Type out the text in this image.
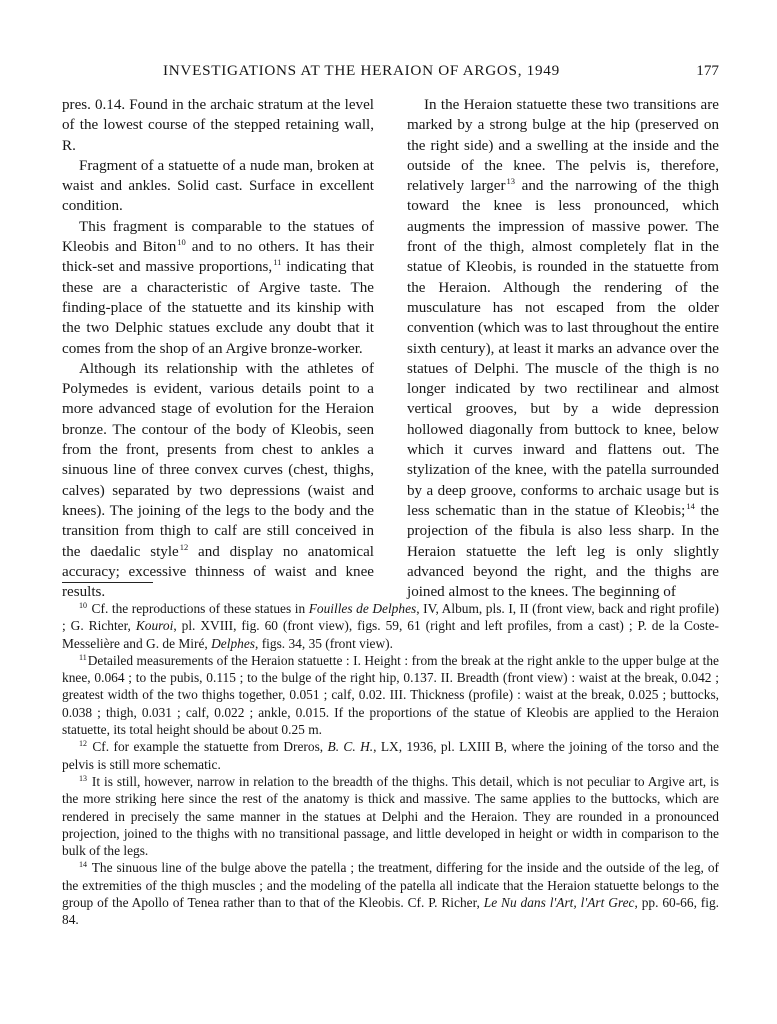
INVESTIGATIONS AT THE HERAION OF ARGOS, 1949	177

pres. 0.14. Found in the archaic stratum at the level of the lowest course of the stepped retaining wall, R.

Fragment of a statuette of a nude man, broken at waist and ankles. Solid cast. Surface in excellent condition.

This fragment is comparable to the statues of Kleobis and Biton$^{10}$ and to no others. It has their thick-set and massive proportions,$^{11}$ indicating that these are a characteristic of Argive taste. The finding-place of the statuette and its kinship with the two Delphic statues exclude any doubt that it comes from the shop of an Argive bronze-worker.

Although its relationship with the athletes of Polymedes is evident, various details point to a more advanced stage of evolution for the Heraion bronze. The contour of the body of Kleobis, seen from the front, presents from chest to ankles a sinuous line of three convex curves (chest, thighs, calves) separated by two depressions (waist and knees). The joining of the legs to the body and the transition from thigh to calf are still conceived in the daedalic style$^{12}$ and display no anatomical accuracy; excessive thinness of waist and knee results.

In the Heraion statuette these two transitions are marked by a strong bulge at the hip (preserved on the right side) and a swelling at the inside and the outside of the knee. The pelvis is, therefore, relatively larger$^{13}$ and the narrowing of the thigh toward the knee is less pronounced, which augments the impression of massive power. The front of the thigh, almost completely flat in the statue of Kleobis, is rounded in the statuette from the Heraion. Although the rendering of the musculature has not escaped from the older convention (which was to last throughout the entire sixth century), at least it marks an advance over the statues of Delphi. The muscle of the thigh is no longer indicated by two rectilinear and almost vertical grooves, but by a wide depression hollowed diagonally from buttock to knee, below which it curves inward and flattens out. The stylization of the knee, with the patella surrounded by a deep groove, conforms to archaic usage but is less schematic than in the statue of Kleobis;$^{14}$ the projection of the fibula is also less sharp. In the Heraion statuette the left leg is only slightly advanced beyond the right, and the thighs are joined almost to the knees. The beginning of

$^{10}$ Cf. the reproductions of these statues in Fouilles de Delphes, IV, Album, pls. I, II (front view, back and right profile) ; G. Richter, Kouroi, pl. XVIII, fig. 60 (front view), figs. 59, 61 (right and left profiles, from a cast) ; P. de la Coste-Messelière and G. de Miré, Delphes, figs. 34, 35 (front view).

$^{11}$Detailed measurements of the Heraion statuette : I. Height : from the break at the right ankle to the upper bulge at the knee, 0.064 ; to the pubis, 0.115 ; to the bulge of the right hip, 0.137. II. Breadth (front view) : waist at the break, 0.042 ; greatest width of the two thighs together, 0.051 ; calf, 0.02. III. Thickness (profile) : waist at the break, 0.025 ; buttocks, 0.038 ; thigh, 0.031 ; calf, 0.022 ; ankle, 0.015. If the proportions of the statue of Kleobis are applied to the Heraion statuette, its total height should be about 0.25 m.

$^{12}$ Cf. for example the statuette from Dreros, B. C. H., LX, 1936, pl. LXIII B, where the joining of the torso and the pelvis is still more schematic.

$^{13}$ It is still, however, narrow in relation to the breadth of the thighs. This detail, which is not peculiar to Argive art, is the more striking here since the rest of the anatomy is thick and massive. The same applies to the buttocks, which are rendered in precisely the same manner in the statues at Delphi and the Heraion. They are rounded in a pronounced projection, joined to the thighs with no transitional passage, and little developed in height or width in comparison to the bulk of the legs.

$^{14}$ The sinuous line of the bulge above the patella ; the treatment, differing for the inside and the outside of the leg, of the extremities of the thigh muscles ; and the modeling of the patella all indicate that the Heraion statuette belongs to the group of the Apollo of Tenea rather than to that of the Kleobis. Cf. P. Richer, Le Nu dans l'Art, l'Art Grec, pp. 60-66, fig. 84.
